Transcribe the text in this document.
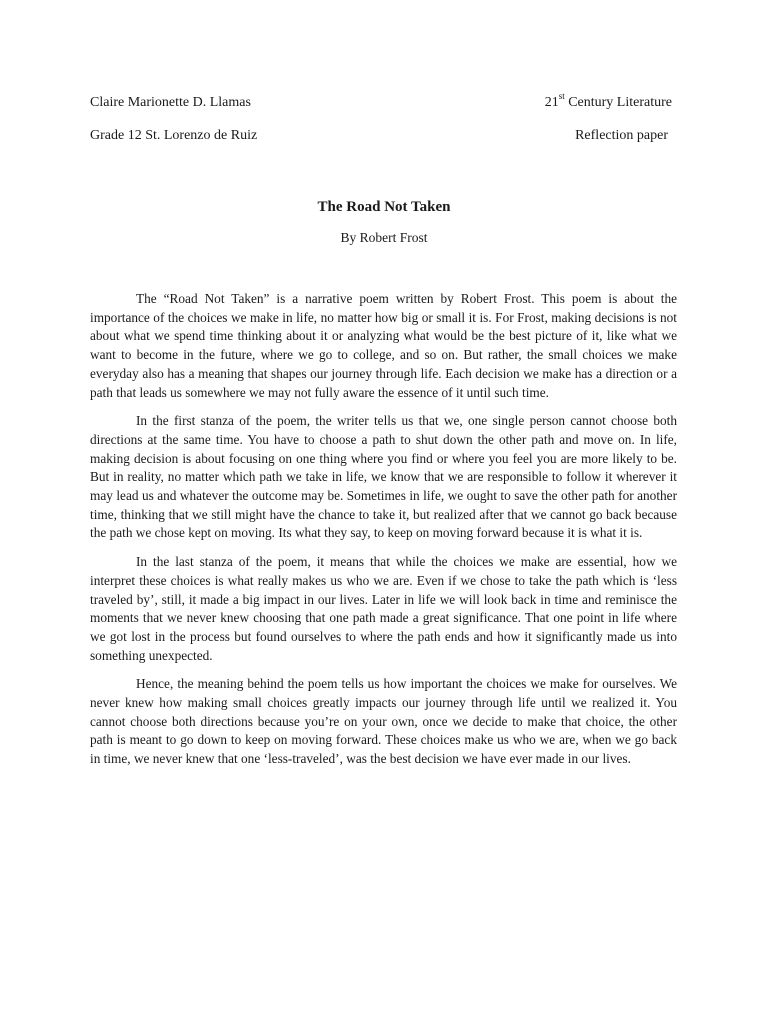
Claire Marionette D. Llamas	21st Century Literature
Grade 12 St. Lorenzo de Ruiz	Reflection paper
The Road Not Taken
By Robert Frost

The “Road Not Taken” is a narrative poem written by Robert Frost. This poem is about the importance of the choices we make in life, no matter how big or small it is. For Frost, making decisions is not about what we spend time thinking about it or analyzing what would be the best picture of it, like what we want to become in the future, where we go to college, and so on. But rather, the small choices we make everyday also has a meaning that shapes our journey through life. Each decision we make has a direction or a path that leads us somewhere we may not fully aware the essence of it until such time.

In the first stanza of the poem, the writer tells us that we, one single person cannot choose both directions at the same time. You have to choose a path to shut down the other path and move on. In life, making decision is about focusing on one thing where you find or where you feel you are more likely to be. But in reality, no matter which path we take in life, we know that we are responsible to follow it wherever it may lead us and whatever the outcome may be. Sometimes in life, we ought to save the other path for another time, thinking that we still might have the chance to take it, but realized after that we cannot go back because the path we chose kept on moving. Its what they say, to keep on moving forward because it is what it is.

In the last stanza of the poem, it means that while the choices we make are essential, how we interpret these choices is what really makes us who we are. Even if we chose to take the path which is ‘less traveled by’, still, it made a big impact in our lives. Later in life we will look back in time and reminisce the moments that we never knew choosing that one path made a great significance. That one point in life where we got lost in the process but found ourselves to where the path ends and how it significantly made us into something unexpected.

Hence, the meaning behind the poem tells us how important the choices we make for ourselves. We never knew how making small choices greatly impacts our journey through life until we realized it. You cannot choose both directions because you’re on your own, once we decide to make that choice, the other path is meant to go down to keep on moving forward. These choices make us who we are, when we go back in time, we never knew that one ‘less-traveled’, was the best decision we have ever made in our lives.
